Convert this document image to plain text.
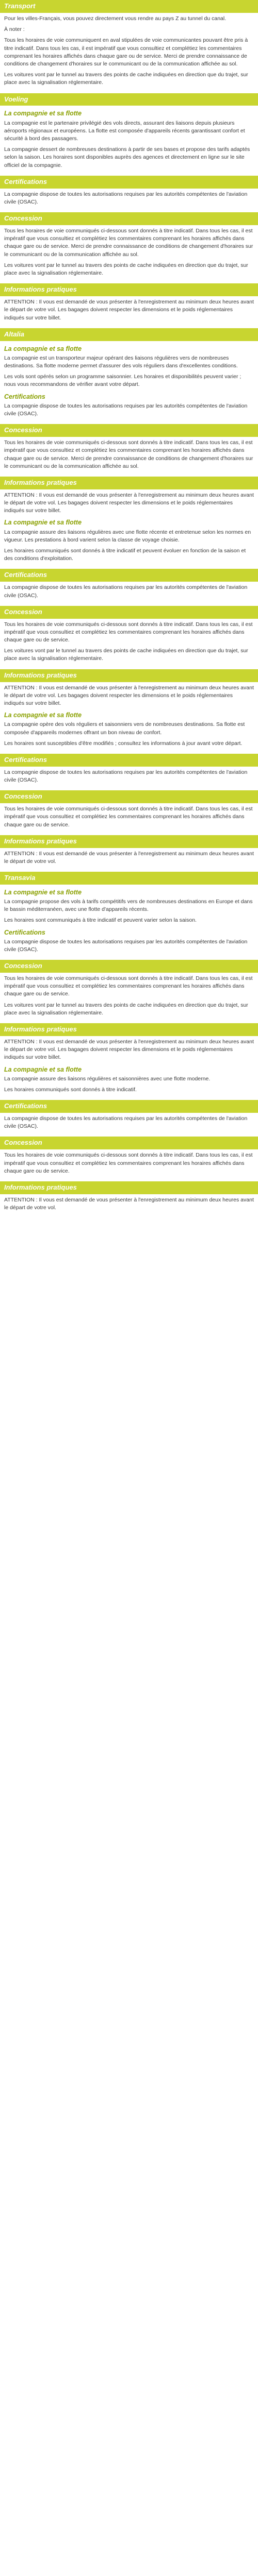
Transport

Pour les villes-Français, vous pouvez directement vous rendre au pays Z au tunnel du canal.

À noter :

Tous les horaires de voie communiquent en aval stipulées de voie communicantes pouvant être pris à titre indicatif. Dans tous les cas, il est impératif que vous consultiez et complétiez les commentaires comprenant les horaires affichés dans chaque gare ou de service. Merci de prendre connaissance de conditions de changement d'horaires sur le communicant ou de la communication affichée au sol.

Les voitures vont par le tunnel au travers des points de cache indiquées en direction que du trajet, sur place avec la signalisation réglementaire.

Voeling
La compagnie et sa flotte

La compagnie est le partenaire privilégié des vols directs, assurant des liaisons depuis plusieurs aéroports régionaux et européens. La flotte est composée d'appareils récents garantissant confort et sécurité à bord des passagers.

La compagnie dessert de nombreuses destinations à partir de ses bases et propose des tarifs adaptés selon la saison. Les horaires sont disponibles auprès des agences et directement en ligne sur le site officiel de la compagnie.

Certifications

La compagnie dispose de toutes les autorisations requises par les autorités compétentes de l'aviation civile (OSAC).

Concession

Tous les horaires de voie communiqués ci-dessous sont donnés à titre indicatif. Dans tous les cas, il est impératif que vous consultiez et complétiez les commentaires comprenant les horaires affichés dans chaque gare ou de service. Merci de prendre connaissance de conditions de changement d'horaires sur le communicant ou de la communication affichée au sol.

Les voitures vont par le tunnel au travers des points de cache indiquées en direction que du trajet, sur place avec la signalisation réglementaire.

Informations pratiques

ATTENTION : Il vous est demandé de vous présenter à l'enregistrement au minimum deux heures avant le départ de votre vol. Les bagages doivent respecter les dimensions et le poids réglementaires indiqués sur votre billet.

Altalia
La compagnie et sa flotte

La compagnie est un transporteur majeur opérant des liaisons régulières vers de nombreuses destinations. Sa flotte moderne permet d'assurer des vols réguliers dans d'excellentes conditions.

Les vols sont opérés selon un programme saisonnier. Les horaires et disponibilités peuvent varier ; nous vous recommandons de vérifier avant votre départ.

Certifications

La compagnie dispose de toutes les autorisations requises par les autorités compétentes de l'aviation civile (OSAC).

Concession

Tous les horaires de voie communiqués ci-dessous sont donnés à titre indicatif. Dans tous les cas, il est impératif que vous consultiez et complétiez les commentaires comprenant les horaires affichés dans chaque gare ou de service. Merci de prendre connaissance de conditions de changement d'horaires sur le communicant ou de la communication affichée au sol.

Informations pratiques

ATTENTION : Il vous est demandé de vous présenter à l'enregistrement au minimum deux heures avant le départ de votre vol. Les bagages doivent respecter les dimensions et le poids réglementaires indiqués sur votre billet.

La compagnie et sa flotte

La compagnie assure des liaisons régulières avec une flotte récente et entretenue selon les normes en vigueur. Les prestations à bord varient selon la classe de voyage choisie.

Les horaires communiqués sont donnés à titre indicatif et peuvent évoluer en fonction de la saison et des conditions d'exploitation.

Certifications

La compagnie dispose de toutes les autorisations requises par les autorités compétentes de l'aviation civile (OSAC).

Concession

Tous les horaires de voie communiqués ci-dessous sont donnés à titre indicatif. Dans tous les cas, il est impératif que vous consultiez et complétiez les commentaires comprenant les horaires affichés dans chaque gare ou de service.

Les voitures vont par le tunnel au travers des points de cache indiquées en direction que du trajet, sur place avec la signalisation réglementaire.

Informations pratiques

ATTENTION : Il vous est demandé de vous présenter à l'enregistrement au minimum deux heures avant le départ de votre vol. Les bagages doivent respecter les dimensions et le poids réglementaires indiqués sur votre billet.

La compagnie et sa flotte

La compagnie opère des vols réguliers et saisonniers vers de nombreuses destinations. Sa flotte est composée d'appareils modernes offrant un bon niveau de confort.

Les horaires sont susceptibles d'être modifiés ; consultez les informations à jour avant votre départ.

Certifications

La compagnie dispose de toutes les autorisations requises par les autorités compétentes de l'aviation civile (OSAC).

Concession

Tous les horaires de voie communiqués ci-dessous sont donnés à titre indicatif. Dans tous les cas, il est impératif que vous consultiez et complétiez les commentaires comprenant les horaires affichés dans chaque gare ou de service.

Informations pratiques

ATTENTION : Il vous est demandé de vous présenter à l'enregistrement au minimum deux heures avant le départ de votre vol.

Transavia
La compagnie et sa flotte

La compagnie propose des vols à tarifs compétitifs vers de nombreuses destinations en Europe et dans le bassin méditerranéen, avec une flotte d'appareils récents.

Les horaires sont communiqués à titre indicatif et peuvent varier selon la saison.

Certifications

La compagnie dispose de toutes les autorisations requises par les autorités compétentes de l'aviation civile (OSAC).

Concession

Tous les horaires de voie communiqués ci-dessous sont donnés à titre indicatif. Dans tous les cas, il est impératif que vous consultiez et complétiez les commentaires comprenant les horaires affichés dans chaque gare ou de service.

Les voitures vont par le tunnel au travers des points de cache indiquées en direction que du trajet, sur place avec la signalisation réglementaire.

Informations pratiques

ATTENTION : Il vous est demandé de vous présenter à l'enregistrement au minimum deux heures avant le départ de votre vol. Les bagages doivent respecter les dimensions et le poids réglementaires indiqués sur votre billet.

La compagnie et sa flotte

La compagnie assure des liaisons régulières et saisonnières avec une flotte moderne.

Les horaires communiqués sont donnés à titre indicatif.

Certifications

La compagnie dispose de toutes les autorisations requises par les autorités compétentes de l'aviation civile (OSAC).

Concession

Tous les horaires de voie communiqués ci-dessous sont donnés à titre indicatif. Dans tous les cas, il est impératif que vous consultiez et complétiez les commentaires comprenant les horaires affichés dans chaque gare ou de service.

Informations pratiques

ATTENTION : Il vous est demandé de vous présenter à l'enregistrement au minimum deux heures avant le départ de votre vol.
